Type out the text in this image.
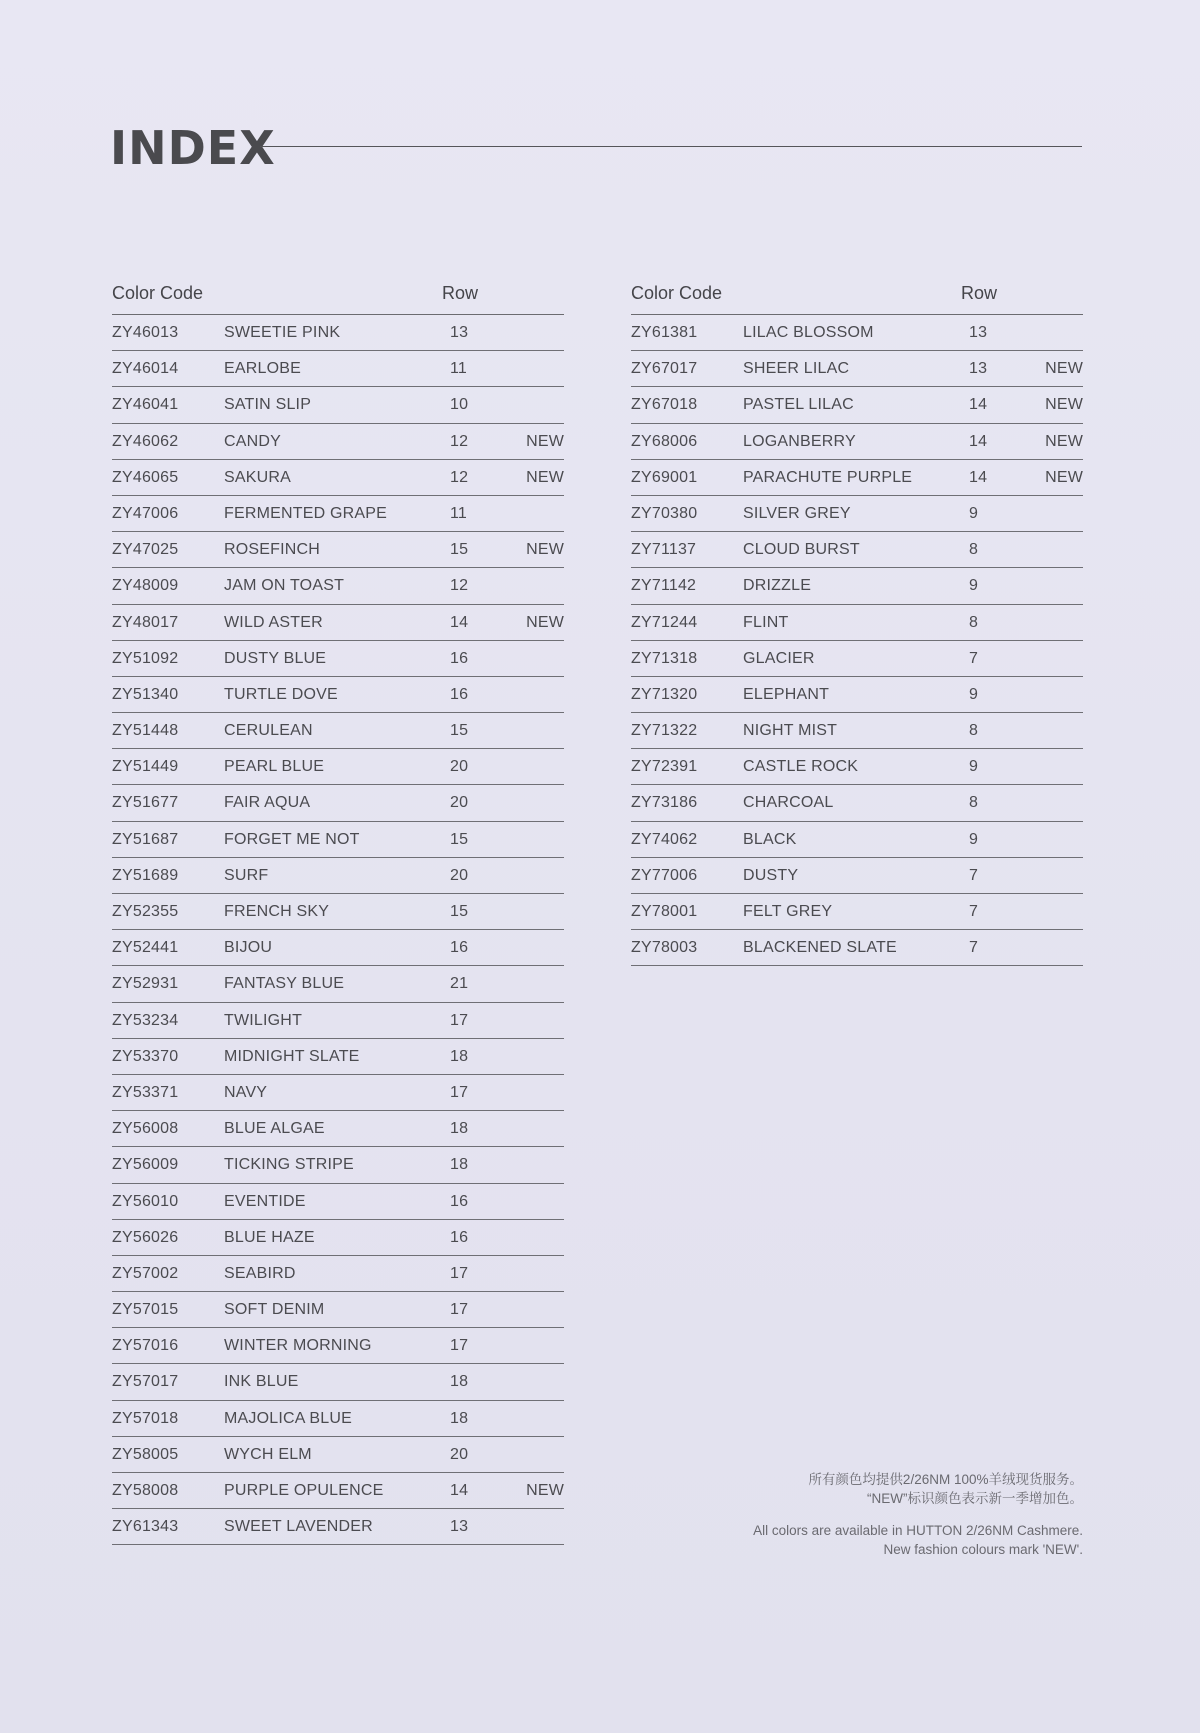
INDEX
Color Code	Row
ZY46013	SWEETIE PINK	13
ZY46014	EARLOBE	11
ZY46041	SATIN SLIP	10
ZY46062	CANDY	12	NEW
ZY46065	SAKURA	12	NEW
ZY47006	FERMENTED GRAPE	11
ZY47025	ROSEFINCH	15	NEW
ZY48009	JAM ON TOAST	12
ZY48017	WILD ASTER	14	NEW
ZY51092	DUSTY BLUE	16
ZY51340	TURTLE DOVE	16
ZY51448	CERULEAN	15
ZY51449	PEARL BLUE	20
ZY51677	FAIR AQUA	20
ZY51687	FORGET ME NOT	15
ZY51689	SURF	20
ZY52355	FRENCH SKY	15
ZY52441	BIJOU	16
ZY52931	FANTASY BLUE	21
ZY53234	TWILIGHT	17
ZY53370	MIDNIGHT SLATE	18
ZY53371	NAVY	17
ZY56008	BLUE ALGAE	18
ZY56009	TICKING STRIPE	18
ZY56010	EVENTIDE	16
ZY56026	BLUE HAZE	16
ZY57002	SEABIRD	17
ZY57015	SOFT DENIM	17
ZY57016	WINTER MORNING	17
ZY57017	INK BLUE	18
ZY57018	MAJOLICA BLUE	18
ZY58005	WYCH ELM	20
ZY58008	PURPLE OPULENCE	14	NEW
ZY61343	SWEET LAVENDER	13
Color Code	Row
ZY61381	LILAC BLOSSOM	13
ZY67017	SHEER LILAC	13	NEW
ZY67018	PASTEL LILAC	14	NEW
ZY68006	LOGANBERRY	14	NEW
ZY69001	PARACHUTE PURPLE	14	NEW
ZY70380	SILVER GREY	9
ZY71137	CLOUD BURST	8
ZY71142	DRIZZLE	9
ZY71244	FLINT	8
ZY71318	GLACIER	7
ZY71320	ELEPHANT	9
ZY71322	NIGHT MIST	8
ZY72391	CASTLE ROCK	9
ZY73186	CHARCOAL	8
ZY74062	BLACK	9
ZY77006	DUSTY	7
ZY78001	FELT GREY	7
ZY78003	BLACKENED SLATE	7
所有颜色均提供2/26NM 100%羊绒现货服务。
“NEW”标识颜色表示新一季增加色。
All colors are available in HUTTON 2/26NM Cashmere.
New fashion colours mark 'NEW'.
